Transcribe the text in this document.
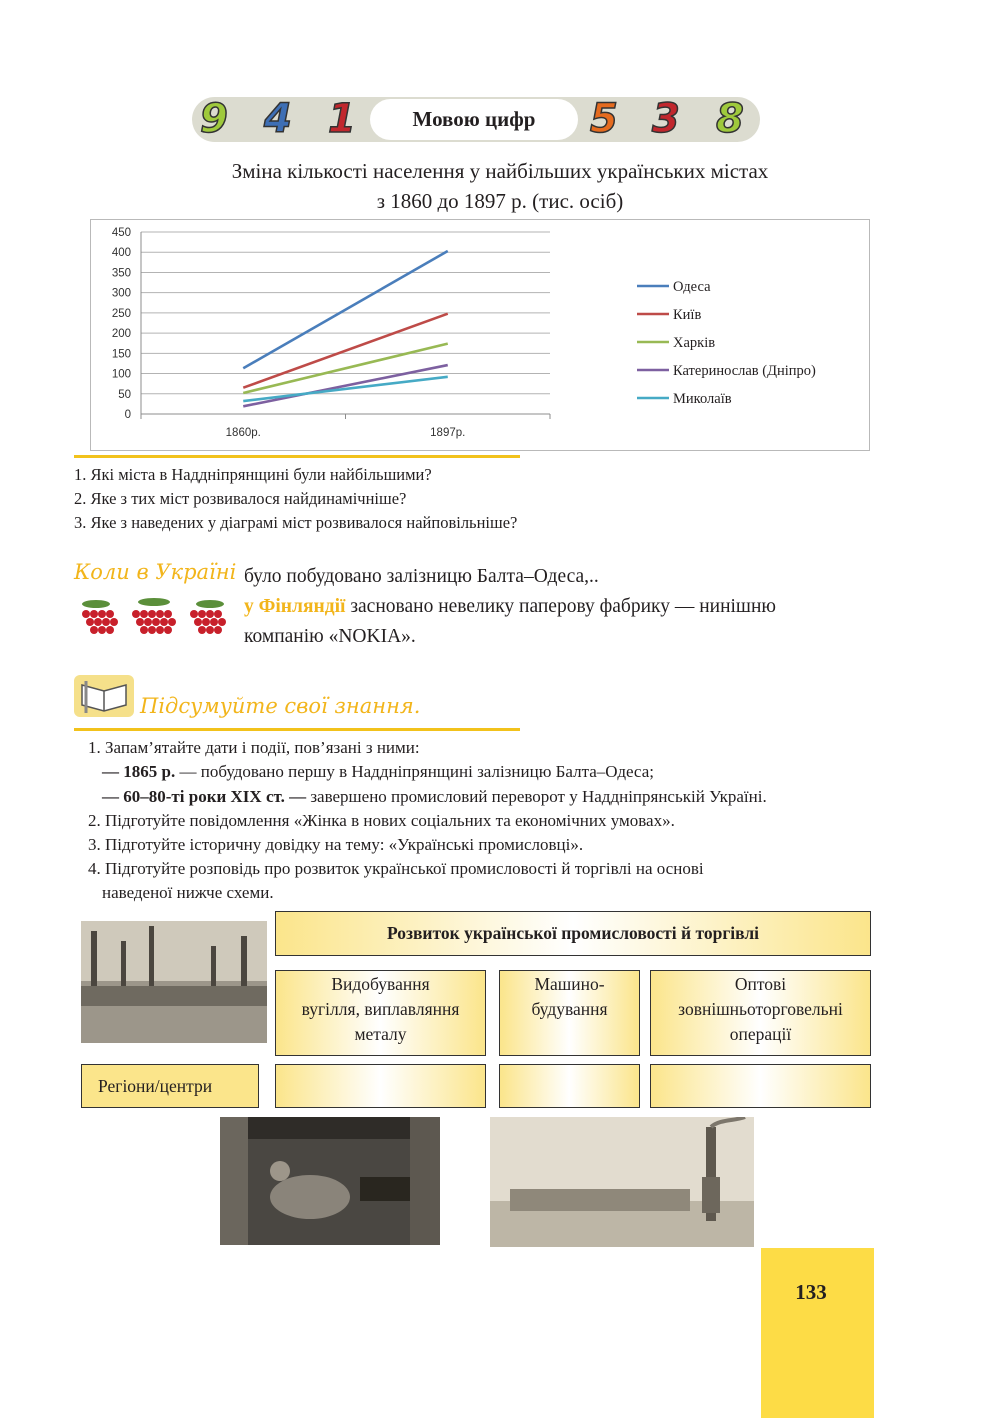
9 4 1	Мовою цифр	5 3 8
Зміна кількості населення у найбільших українських містах
з 1860 до 1897 р. (тис. осіб)
0
50
100
150
200
250
300
350
400
450
1860р.	1897р.
Одеса
Київ
Харків
Катеринослав (Дніпро)
Миколаїв
1. Які міста в Наддніпрянщині були найбільшими?
2. Яке з тих міст розвивалося найдинамічніше?
3. Яке з наведених у діаграмі міст розвивалося найповільніше?
Коли в Україні було побудовано залізницю Балта–Одеса,..
у Фінляндії засновано невелику паперову фабрику — нинішню
компанію «NOKIA».
Підсумуйте свої знання.
1. Запам’ятайте дати і події, пов’язані з ними:
— 1865 р. — побудовано першу в Наддніпрянщині залізницю Балта–Одеса;
— 60–80-ті роки XIX ст. — завершено промисловий переворот у Наддніпрянській Україні.
2. Підготуйте повідомлення «Жінка в нових соціальних та економічних умовах».
3. Підготуйте історичну довідку на тему: «Українські промисловці».
4. Підготуйте розповідь про розвиток української промисловості й торгівлі на основі
наведеної нижче схеми.
Розвиток української промисловості й торгівлі
Видобування
вугілля, виплавляння
металу
Машино-
будування
Оптові
зовнішньоторговельні
операції
Регіони/центри
133
